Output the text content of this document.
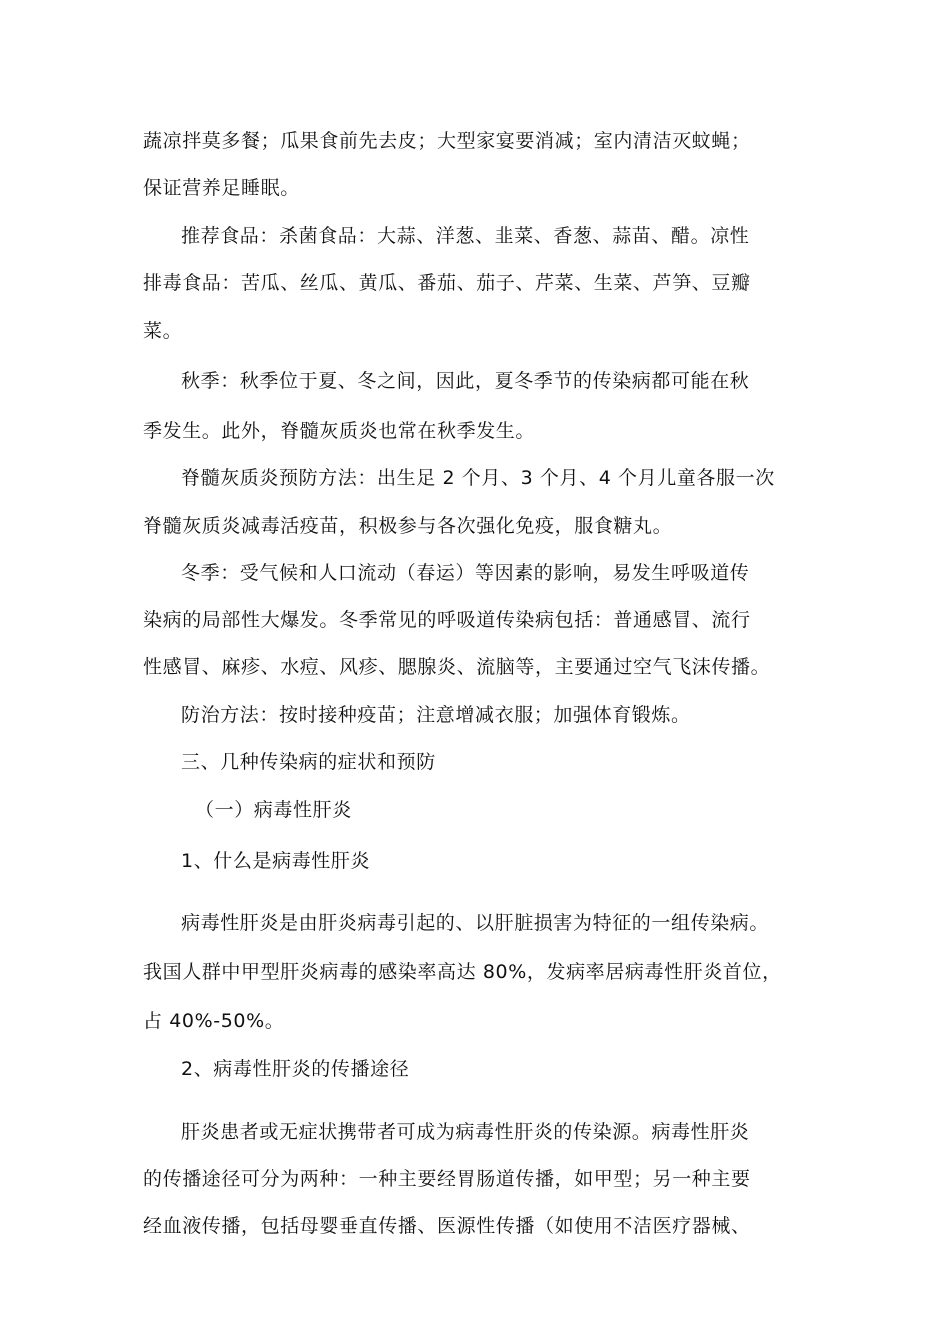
蔬凉拌莫多餐；瓜果食前先去皮；大型家宴要消减；室内清洁灭蚊蝇；
保证营养足睡眠。
推荐食品：杀菌食品：大蒜、洋葱、韭菜、香葱、蒜苗、醋。凉性
排毒食品：苦瓜、丝瓜、黄瓜、番茄、茄子、芹菜、生菜、芦笋、豆瓣
菜。
秋季：秋季位于夏、冬之间，因此，夏冬季节的传染病都可能在秋
季发生。此外，脊髓灰质炎也常在秋季发生。
脊髓灰质炎预防方法：出生足 2 个月、3 个月、4 个月儿童各服一次
脊髓灰质炎减毒活疫苗，积极参与各次强化免疫，服食糖丸。
冬季：受气候和人口流动（春运）等因素的影响，易发生呼吸道传
染病的局部性大爆发。冬季常见的呼吸道传染病包括：普通感冒、流行
性感冒、麻疹、水痘、风疹、腮腺炎、流脑等，主要通过空气飞沫传播。
防治方法：按时接种疫苗；注意增减衣服；加强体育锻炼。
三、几种传染病的症状和预防
（一）病毒性肝炎
1、什么是病毒性肝炎
病毒性肝炎是由肝炎病毒引起的、以肝脏损害为特征的一组传染病。
我国人群中甲型肝炎病毒的感染率高达 80%，发病率居病毒性肝炎首位，
占 40%-50%。
2、病毒性肝炎的传播途径
肝炎患者或无症状携带者可成为病毒性肝炎的传染源。病毒性肝炎
的传播途径可分为两种：一种主要经胃肠道传播，如甲型；另一种主要
经血液传播，包括母婴垂直传播、医源性传播（如使用不洁医疗器械、
